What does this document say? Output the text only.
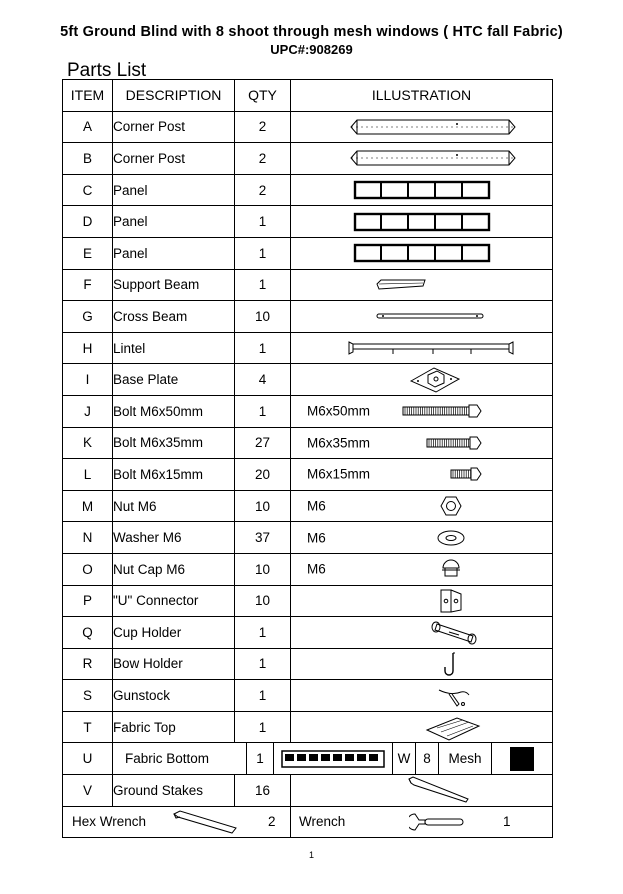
5ft Ground Blind with 8 shoot through mesh windows ( HTC fall Fabric)
UPC#:908269
Parts List
ITEM	DESCRIPTION	QTY	ILLUSTRATION
A	Corner Post	2	

B	Corner Post	2	

C	Panel	2	

D	Panel	1	

E	Panel	1	

F	Support Beam	1	

G	Cross Beam	10	

H	Lintel	1	

I	Base Plate	4	

J	Bolt M6x50mm	1	M6x50mm

K	Bolt M6x35mm	27	M6x35mm

L	Bolt M6x15mm	20	M6x15mm

M	Nut M6	10	M6

N	Washer M6	37	M6

O	Nut Cap M6	10	M6

P	"U" Connector	10	

Q	Cup Holder	1	

R	Bow Holder	1	

S	Gunstock	1	

T	Fabric Top	1	

U	Fabric Bottom 1 W 8 Mesh		

V	Ground Stakes	16	

Hex Wrench 2			Wrench 1
1
